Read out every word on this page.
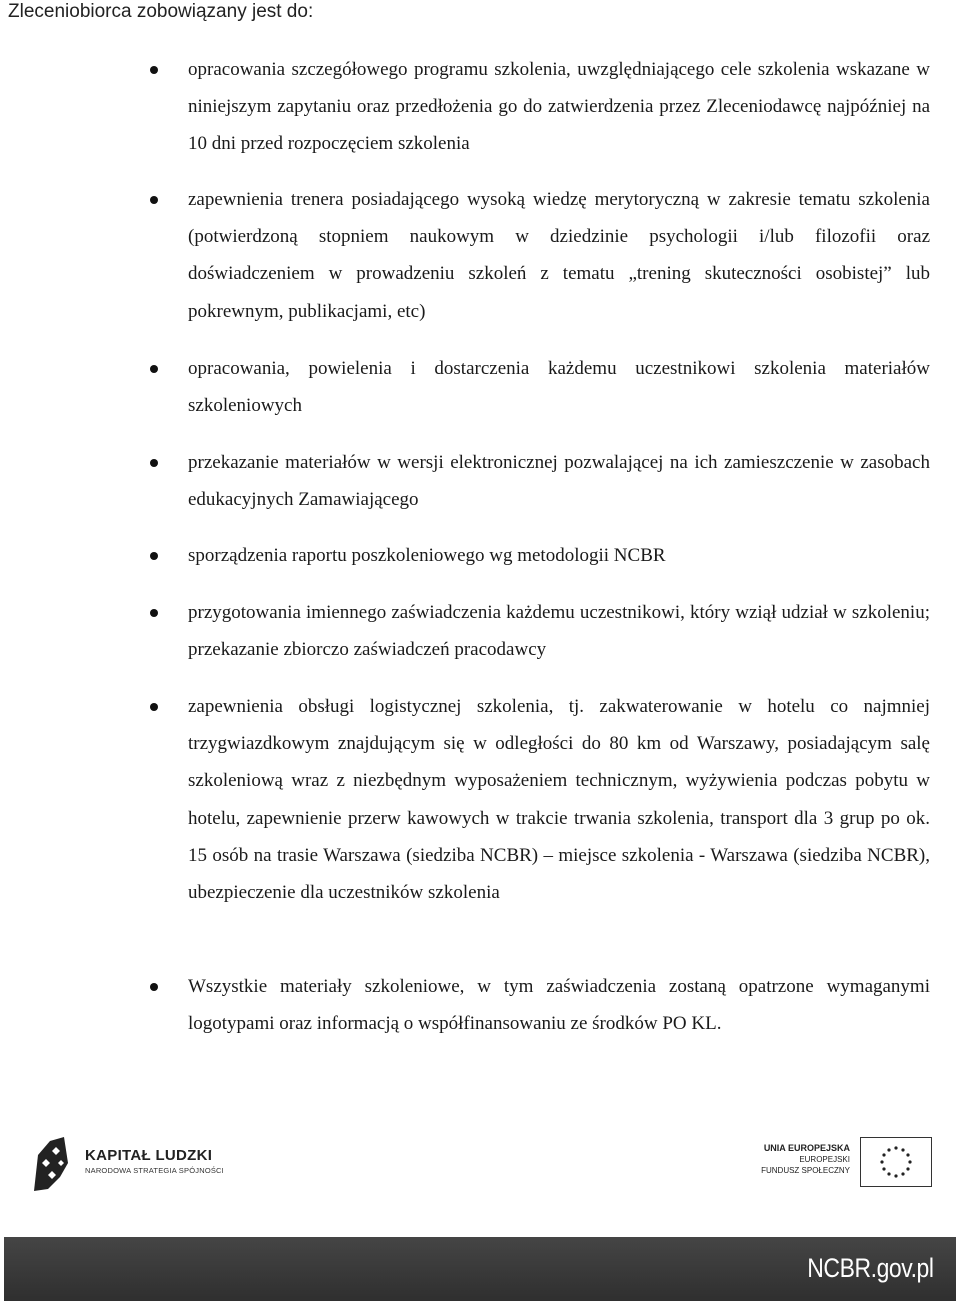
Zleceniobiorca zobowiązany jest do:
opracowania szczegółowego programu szkolenia, uwzględniającego cele szkolenia wskazane w niniejszym zapytaniu oraz przedłożenia go do zatwierdzenia przez Zleceniodawcę najpóźniej na 10 dni przed rozpoczęciem szkolenia
zapewnienia trenera posiadającego wysoką wiedzę merytoryczną w zakresie tematu szkolenia (potwierdzoną stopniem naukowym w dziedzinie psychologii i/lub filozofii oraz doświadczeniem w prowadzeniu szkoleń z tematu „trening skuteczności osobistej” lub pokrewnym, publikacjami, etc)
opracowania, powielenia i dostarczenia każdemu uczestnikowi szkolenia materiałów szkoleniowych
przekazanie materiałów w wersji elektronicznej pozwalającej na ich zamieszczenie w zasobach edukacyjnych Zamawiającego
sporządzenia raportu poszkoleniowego wg metodologii NCBR
przygotowania imiennego zaświadczenia każdemu uczestnikowi, który wziął udział w szkoleniu; przekazanie zbiorczo zaświadczeń pracodawcy
zapewnienia obsługi logistycznej szkolenia, tj. zakwaterowanie w hotelu co najmniej trzygwiazdkowym znajdującym się w odległości do 80 km od Warszawy, posiadającym salę szkoleniową wraz z niezbędnym wyposażeniem technicznym, wyżywienia podczas pobytu w hotelu, zapewnienie przerw kawowych w trakcie trwania szkolenia, transport dla 3 grup po ok. 15 osób na trasie Warszawa (siedziba NCBR) – miejsce szkolenia - Warszawa (siedziba NCBR), ubezpieczenie dla uczestników szkolenia
Wszystkie materiały szkoleniowe, w tym zaświadczenia zostaną opatrzone wymaganymi logotypami oraz informacją o współfinansowaniu ze środków PO KL.
KAPITAŁ LUDZKI
NARODOWA STRATEGIA SPÓJNOŚCI
UNIA EUROPEJSKA
EUROPEJSKI
FUNDUSZ SPOŁECZNY
NCBR.gov.pl
